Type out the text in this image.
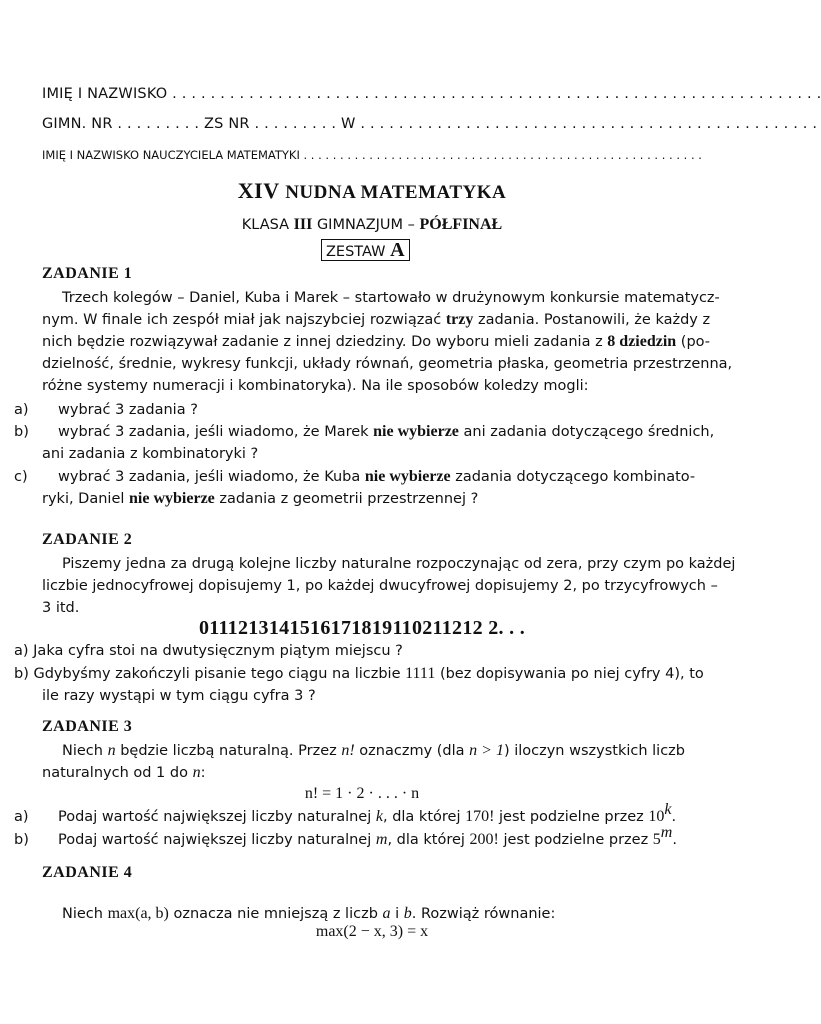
IMIĘ I NAZWISKO . . . . . . . . . . . . . . . . . . . . . . . . . . . . . . . . . . . . . . . . . . . . . . . . . . . . . . . . . . . . . . . . . . . .
GIMN. NR . . . . . . . . . ZS NR . . . . . . . . . W . . . . . . . . . . . . . . . . . . . . . . . . . . . . . . . . . . . . . . . . . . . . . . . .
IMIĘ I NAZWISKO NAUCZYCIELA MATEMATYKI . . . . . . . . . . . . . . . . . . . . . . . . . . . . . . . . . . . . . . . . . . . . . . . . . . . . . . .
XIV NUDNA MATEMATYKA
KLASA III GIMNAZJUM – PÓŁFINAŁ
ZESTAW A
ZADANIE 1
Trzech kolegów – Daniel, Kuba i Marek – startowało w drużynowym konkursie matematycz-
nym. W finale ich zespół miał jak najszybciej rozwiązać trzy zadania. Postanowili, że każdy z
nich będzie rozwiązywał zadanie z innej dziedziny. Do wyboru mieli zadania z 8 dziedzin (po-
dzielność, średnie, wykresy funkcji, układy równań, geometria płaska, geometria przestrzenna,
różne systemy numeracji i kombinatoryka). Na ile sposobów koledzy mogli:
a) wybrać 3 zadania ?
b) wybrać 3 zadania, jeśli wiadomo, że Marek nie wybierze ani zadania dotyczącego średnich,
ani zadania z kombinatoryki ?
c) wybrać 3 zadania, jeśli wiadomo, że Kuba nie wybierze zadania dotyczącego kombinato-
ryki, Daniel nie wybierze zadania z geometrii przestrzennej ?
ZADANIE 2
Piszemy jedna za drugą kolejne liczby naturalne rozpoczynając od zera, przy czym po każdej
liczbie jednocyfrowej dopisujemy 1, po każdej dwucyfrowej dopisujemy 2, po trzycyfrowych –
3 itd.
0111213141516171819110211212 2. . .
a) Jaka cyfra stoi na dwutysięcznym piątym miejscu ?
b) Gdybyśmy zakończyli pisanie tego ciągu na liczbie 1111 (bez dopisywania po niej cyfry 4), to
ile razy wystąpi w tym ciągu cyfra 3 ?
ZADANIE 3
Niech n będzie liczbą naturalną. Przez n! oznaczmy (dla n > 1) iloczyn wszystkich liczb
naturalnych od 1 do n:
n! = 1 · 2 · . . . · n
a) Podaj wartość największej liczby naturalnej k, dla której 170! jest podzielne przez 10$^k$.
b) Podaj wartość największej liczby naturalnej m, dla której 200! jest podzielne przez 5$^m$.
ZADANIE 4
Niech max(a, b) oznacza nie mniejszą z liczb a i b. Rozwiąż równanie:
max(2 − x, 3) = x
